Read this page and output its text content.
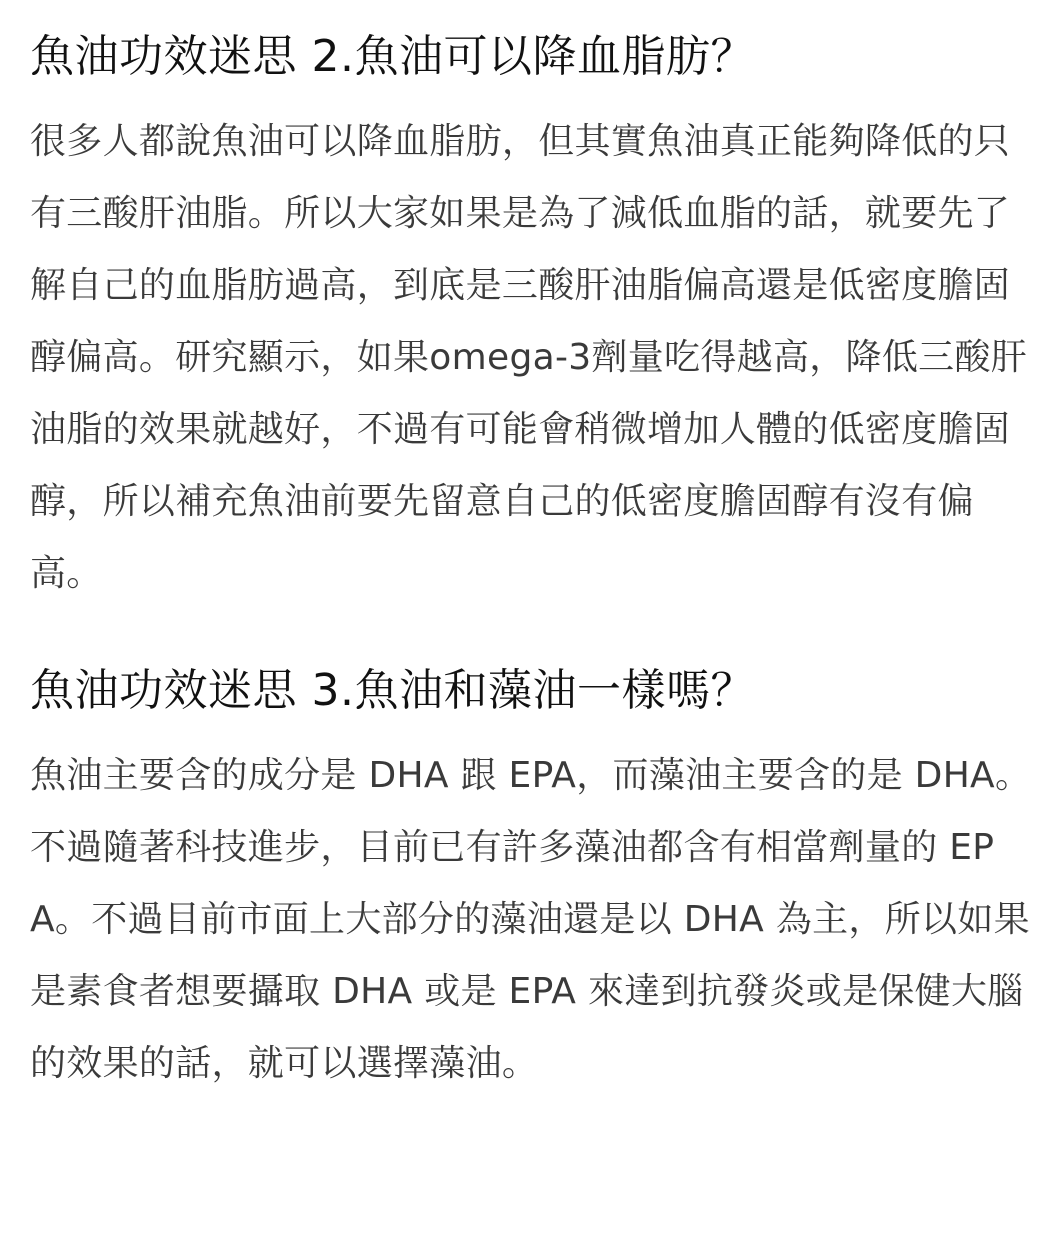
魚油功效迷思 2.魚油可以降血脂肪？

很多人都說魚油可以降血脂肪，但其實魚油真正能夠降低的只有三酸肝油脂。所以大家如果是為了減低血脂的話，就要先了解自己的血脂肪過高，到底是三酸肝油脂偏高還是低密度膽固醇偏高。研究顯示，如果omega-3劑量吃得越高，降低三酸肝油脂的效果就越好，不過有可能會稍微增加人體的低密度膽固醇，所以補充魚油前要先留意自己的低密度膽固醇有沒有偏高。

魚油功效迷思 3.魚油和藻油一樣嗎？

魚油主要含的成分是 DHA 跟 EPA，而藻油主要含的是 DHA。不過隨著科技進步，目前已有許多藻油都含有相當劑量的 EPA。不過目前市面上大部分的藻油還是以 DHA 為主，所以如果是素食者想要攝取 DHA 或是 EPA 來達到抗發炎或是保健大腦的效果的話，就可以選擇藻油。
